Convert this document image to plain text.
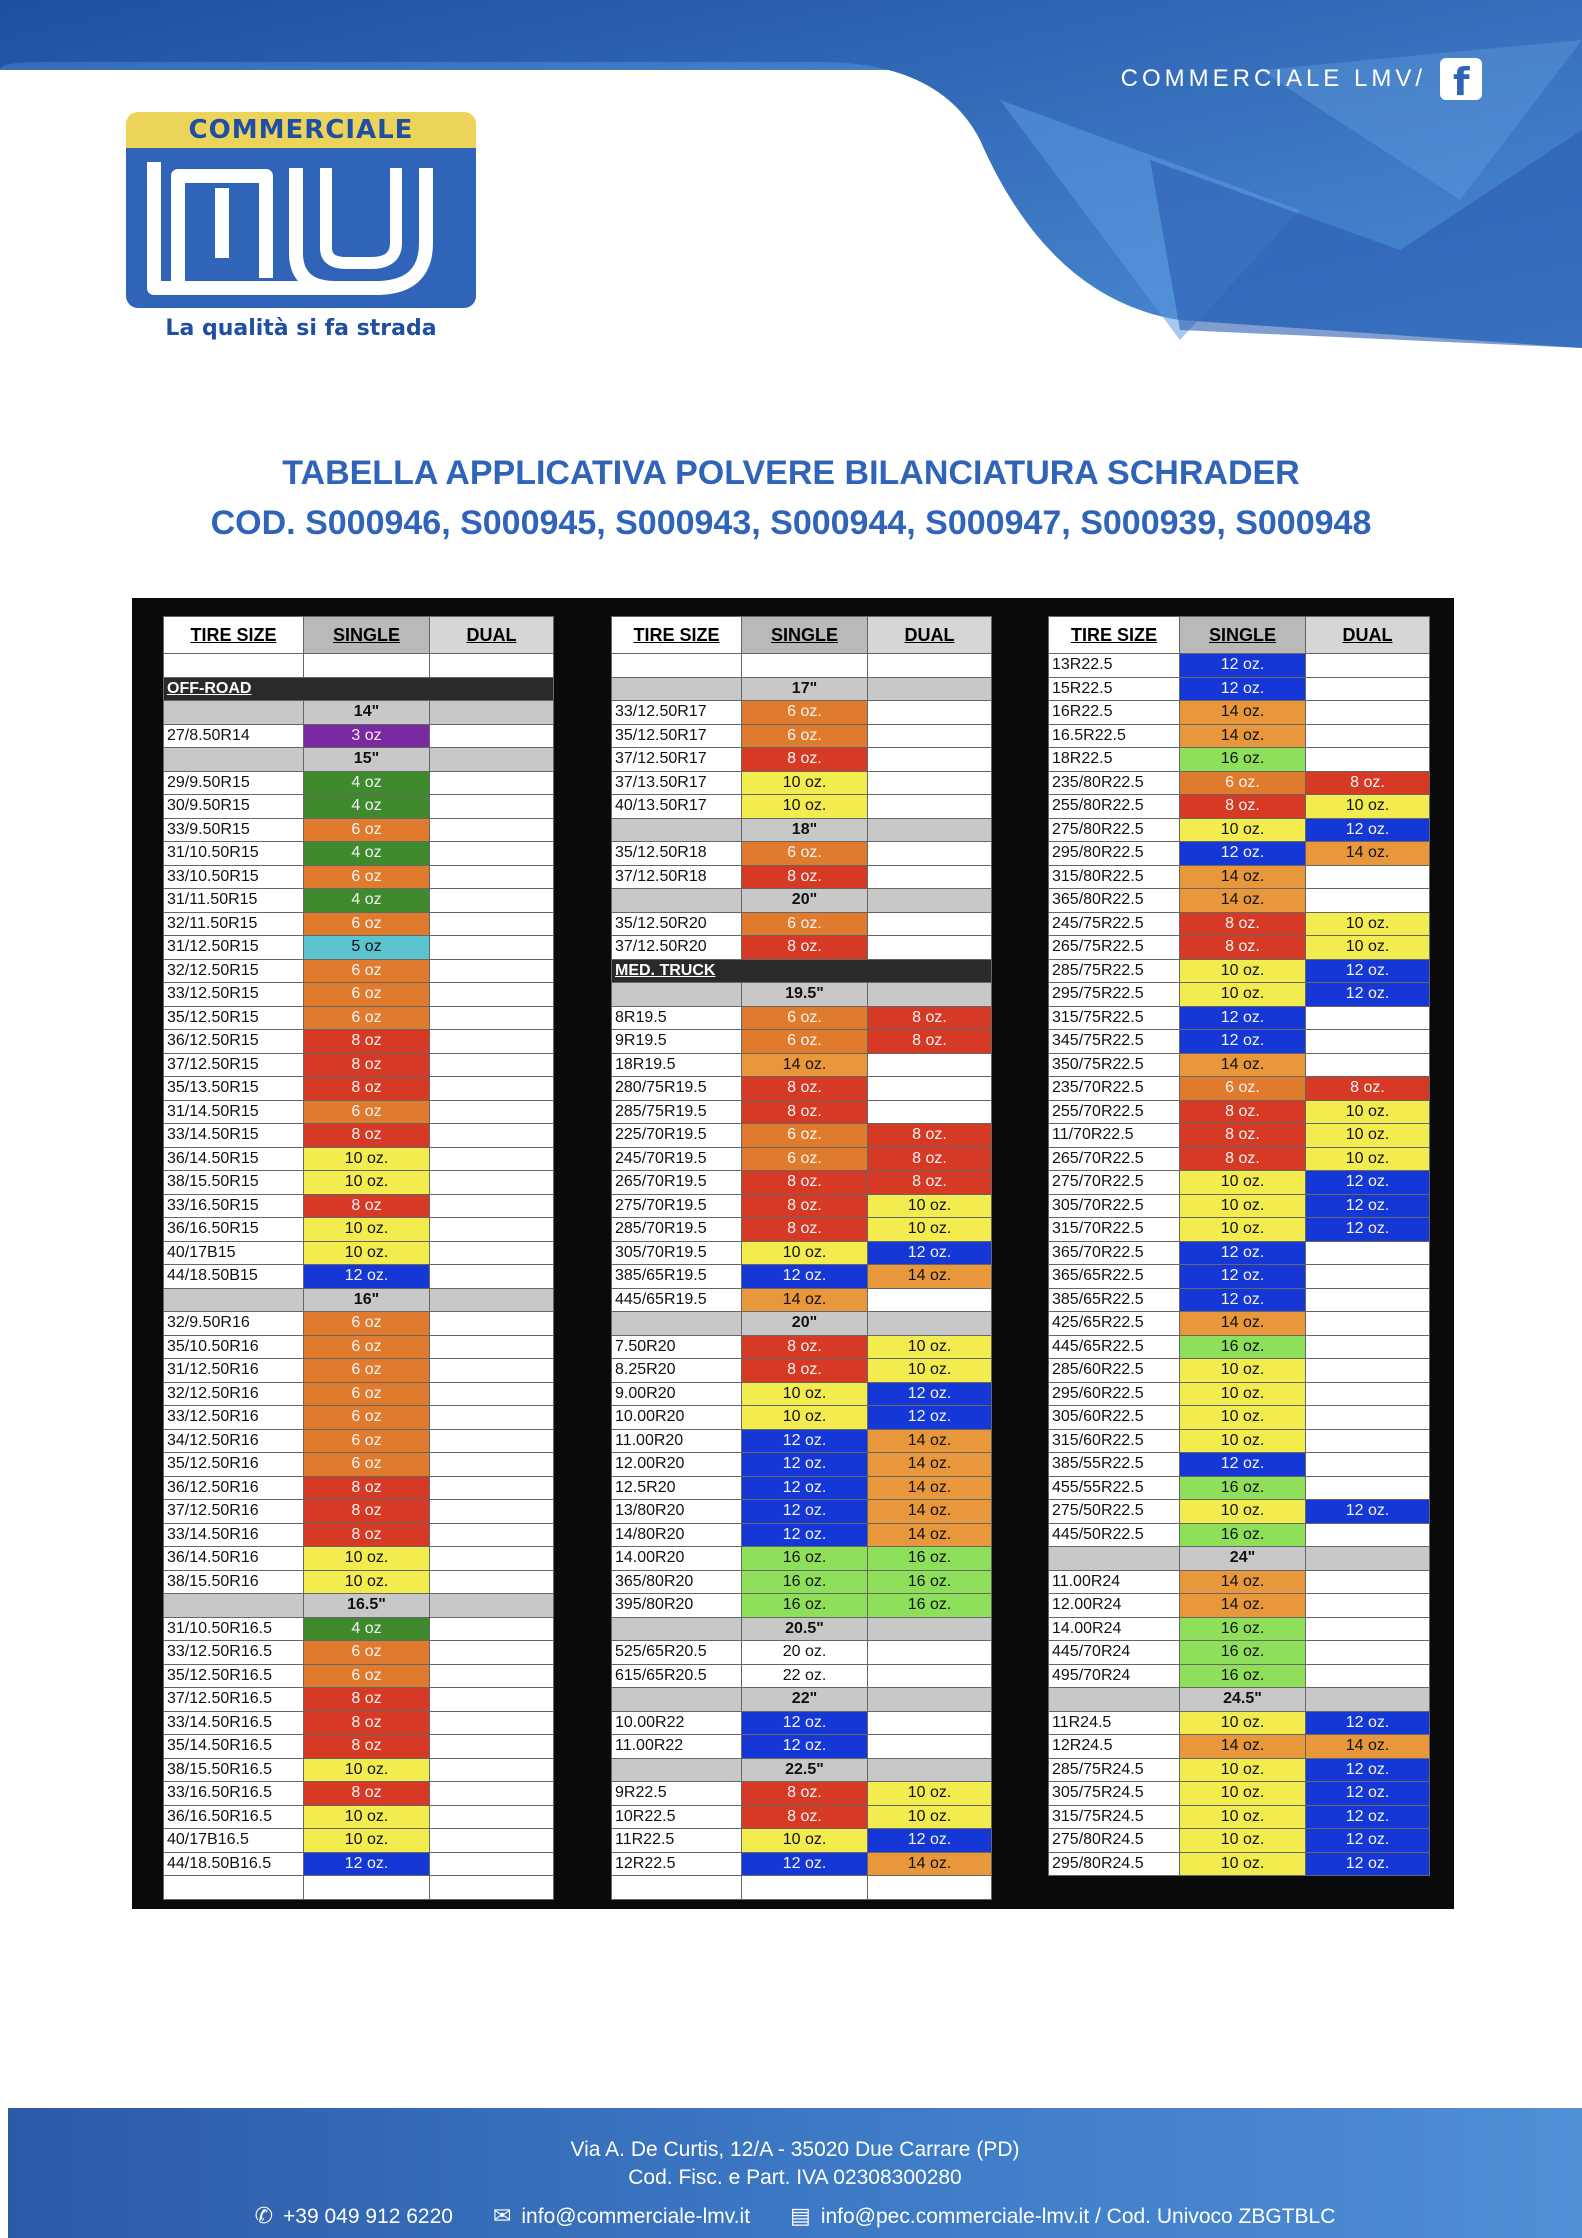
COMMERCIALE LMV/ f
COMMERCIALE
La qualità si fa strada
TABELLA APPLICATIVA POLVERE BILANCIATURA SCHRADER
COD. S000946, S000945, S000943, S000944, S000947, S000939, S000948
TIRE SIZE	SINGLE	DUAL

OFF-ROAD		
	14"	
27/8.50R14	3 oz	
	15"	
29/9.50R15	4 oz	
30/9.50R15	4 oz	
33/9.50R15	6 oz	
31/10.50R15	4 oz	
33/10.50R15	6 oz	
31/11.50R15	4 oz	
32/11.50R15	6 oz	
31/12.50R15	5 oz	
32/12.50R15	6 oz	
33/12.50R15	6 oz	
35/12.50R15	6 oz	
36/12.50R15	8 oz	
37/12.50R15	8 oz	
35/13.50R15	8 oz	
31/14.50R15	6 oz	
33/14.50R15	8 oz	
36/14.50R15	10 oz.	
38/15.50R15	10 oz.	
33/16.50R15	8 oz	
36/16.50R15	10 oz.	
40/17B15	10 oz.	
44/18.50B15	12 oz.	
	16"	
32/9.50R16	6 oz	
35/10.50R16	6 oz	
31/12.50R16	6 oz	
32/12.50R16	6 oz	
33/12.50R16	6 oz	
34/12.50R16	6 oz	
35/12.50R16	6 oz	
36/12.50R16	8 oz	
37/12.50R16	8 oz	
33/14.50R16	8 oz	
36/14.50R16	10 oz.	
38/15.50R16	10 oz.	
	16.5"	
31/10.50R16.5	4 oz	
33/12.50R16.5	6 oz	
35/12.50R16.5	6 oz	
37/12.50R16.5	8 oz	
33/14.50R16.5	8 oz	
35/14.50R16.5	8 oz	
38/15.50R16.5	10 oz.	
33/16.50R16.5	8 oz	
36/16.50R16.5	10 oz.	
40/17B16.5	10 oz.	
44/18.50B16.5	12 oz.	

TIRE SIZE	SINGLE	DUAL

	17"	
33/12.50R17	6 oz.	
35/12.50R17	6 oz.	
37/12.50R17	8 oz.	
37/13.50R17	10 oz.	
40/13.50R17	10 oz.	
	18"	
35/12.50R18	6 oz.	
37/12.50R18	8 oz.	
	20"	
35/12.50R20	6 oz.	
37/12.50R20	8 oz.	
MED. TRUCK		
	19.5"	
8R19.5	6 oz.	8 oz.
9R19.5	6 oz.	8 oz.
18R19.5	14 oz.	
280/75R19.5	8 oz.	
285/75R19.5	8 oz.	
225/70R19.5	6 oz.	8 oz.
245/70R19.5	6 oz.	8 oz.
265/70R19.5	8 oz.	8 oz.
275/70R19.5	8 oz.	10 oz.
285/70R19.5	8 oz.	10 oz.
305/70R19.5	10 oz.	12 oz.
385/65R19.5	12 oz.	14 oz.
445/65R19.5	14 oz.	
	20"	
7.50R20	8 oz.	10 oz.
8.25R20	8 oz.	10 oz.
9.00R20	10 oz.	12 oz.
10.00R20	10 oz.	12 oz.
11.00R20	12 oz.	14 oz.
12.00R20	12 oz.	14 oz.
12.5R20	12 oz.	14 oz.
13/80R20	12 oz.	14 oz.
14/80R20	12 oz.	14 oz.
14.00R20	16 oz.	16 oz.
365/80R20	16 oz.	16 oz.
395/80R20	16 oz.	16 oz.
	20.5"	
525/65R20.5	20 oz.	
615/65R20.5	22 oz.	
	22"	
10.00R22	12 oz.	
11.00R22	12 oz.	
	22.5"	
9R22.5	8 oz.	10 oz.
10R22.5	8 oz.	10 oz.
11R22.5	10 oz.	12 oz.
12R22.5	12 oz.	14 oz.

TIRE SIZE	SINGLE	DUAL
13R22.5	12 oz.	
15R22.5	12 oz.	
16R22.5	14 oz.	
16.5R22.5	14 oz.	
18R22.5	16 oz.	
235/80R22.5	6 oz.	8 oz.
255/80R22.5	8 oz.	10 oz.
275/80R22.5	10 oz.	12 oz.
295/80R22.5	12 oz.	14 oz.
315/80R22.5	14 oz.	
365/80R22.5	14 oz.	
245/75R22.5	8 oz.	10 oz.
265/75R22.5	8 oz.	10 oz.
285/75R22.5	10 oz.	12 oz.
295/75R22.5	10 oz.	12 oz.
315/75R22.5	12 oz.	
345/75R22.5	12 oz.	
350/75R22.5	14 oz.	
235/70R22.5	6 oz.	8 oz.
255/70R22.5	8 oz.	10 oz.
11/70R22.5	8 oz.	10 oz.
265/70R22.5	8 oz.	10 oz.
275/70R22.5	10 oz.	12 oz.
305/70R22.5	10 oz.	12 oz.
315/70R22.5	10 oz.	12 oz.
365/70R22.5	12 oz.	
365/65R22.5	12 oz.	
385/65R22.5	12 oz.	
425/65R22.5	14 oz.	
445/65R22.5	16 oz.	
285/60R22.5	10 oz.	
295/60R22.5	10 oz.	
305/60R22.5	10 oz.	
315/60R22.5	10 oz.	
385/55R22.5	12 oz.	
455/55R22.5	16 oz.	
275/50R22.5	10 oz.	12 oz.
445/50R22.5	16 oz.	
	24"	
11.00R24	14 oz.	
12.00R24	14 oz.	
14.00R24	16 oz.	
445/70R24	16 oz.	
495/70R24	16 oz.	
	24.5"	
11R24.5	10 oz.	12 oz.
12R24.5	14 oz.	14 oz.
285/75R24.5	10 oz.	12 oz.
305/75R24.5	10 oz.	12 oz.
315/75R24.5	10 oz.	12 oz.
275/80R24.5	10 oz.	12 oz.
295/80R24.5	10 oz.	12 oz.
Via A. De Curtis, 12/A - 35020 Due Carrare (PD)
Cod. Fisc. e Part. IVA 02308300280
✆ +39 049 912 6220 ✉ info@commerciale-lmv.it ▤ info@pec.commerciale-lmv.it / Cod. Univoco ZBGTBLC
